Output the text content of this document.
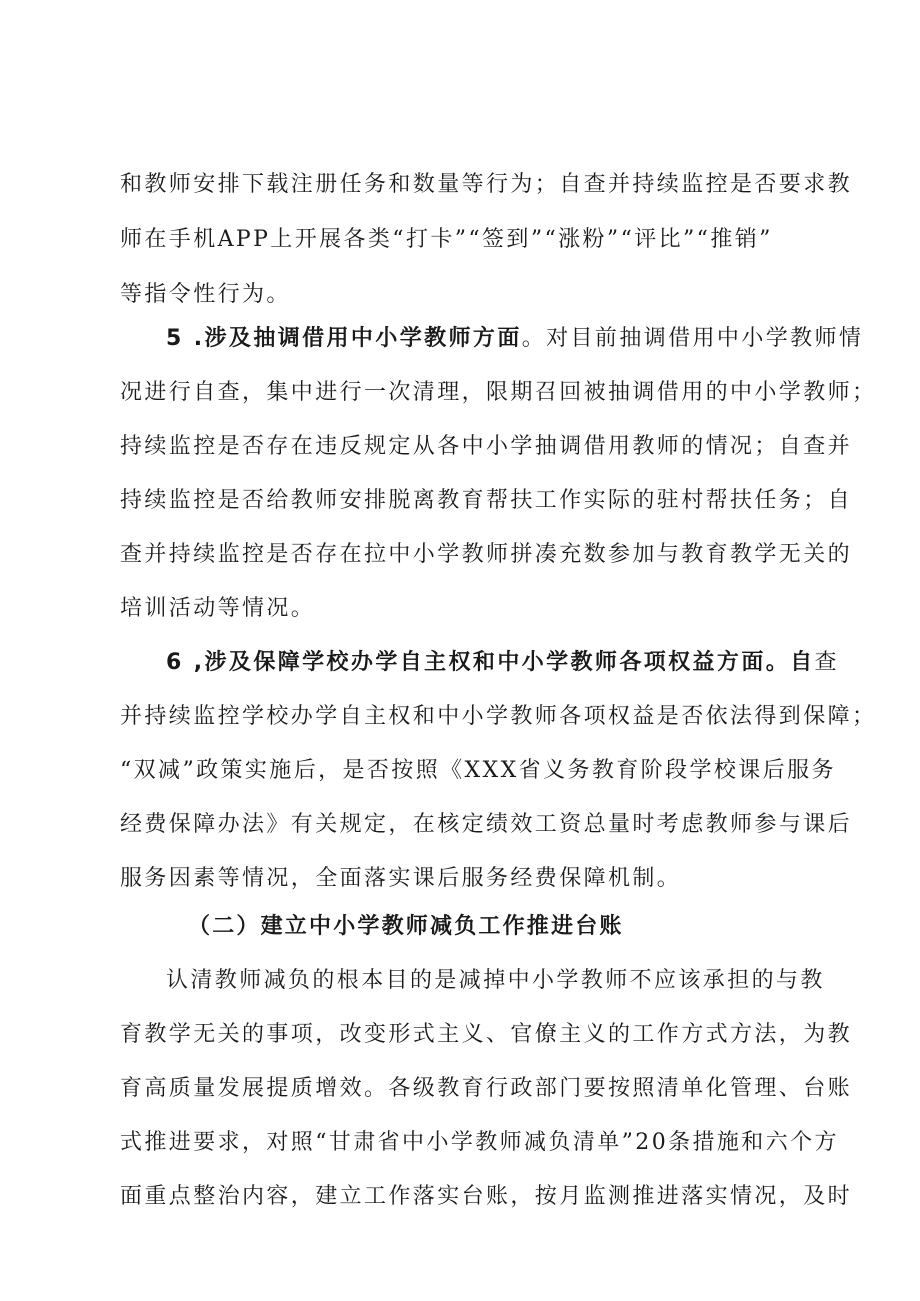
和教师安排下载注册任务和数量等行为；自查并持续监控是否要求教
师在手机APP上开展各类“打卡”“签到”“涨粉”“评比”“推销”
等指令性行为。
5 .涉及抽调借用中小学教师方面。对目前抽调借用中小学教师情
况进行自查，集中进行一次清理，限期召回被抽调借用的中小学教师；
持续监控是否存在违反规定从各中小学抽调借用教师的情况；自查并
持续监控是否给教师安排脱离教育帮扶工作实际的驻村帮扶任务；自
查并持续监控是否存在拉中小学教师拼凑充数参加与教育教学无关的
培训活动等情况。
6 ,涉及保障学校办学自主权和中小学教师各项权益方面。自查
并持续监控学校办学自主权和中小学教师各项权益是否依法得到保障；
“双减”政策实施后，是否按照《XXX省义务教育阶段学校课后服务
经费保障办法》有关规定，在核定绩效工资总量时考虑教师参与课后
服务因素等情况，全面落实课后服务经费保障机制。
（二）建立中小学教师减负工作推进台账
认清教师减负的根本目的是减掉中小学教师不应该承担的与教
育教学无关的事项，改变形式主义、官僚主义的工作方式方法，为教
育高质量发展提质增效。各级教育行政部门要按照清单化管理、台账
式推进要求，对照“甘肃省中小学教师减负清单”20条措施和六个方
面重点整治内容，建立工作落实台账，按月监测推进落实情况，及时
